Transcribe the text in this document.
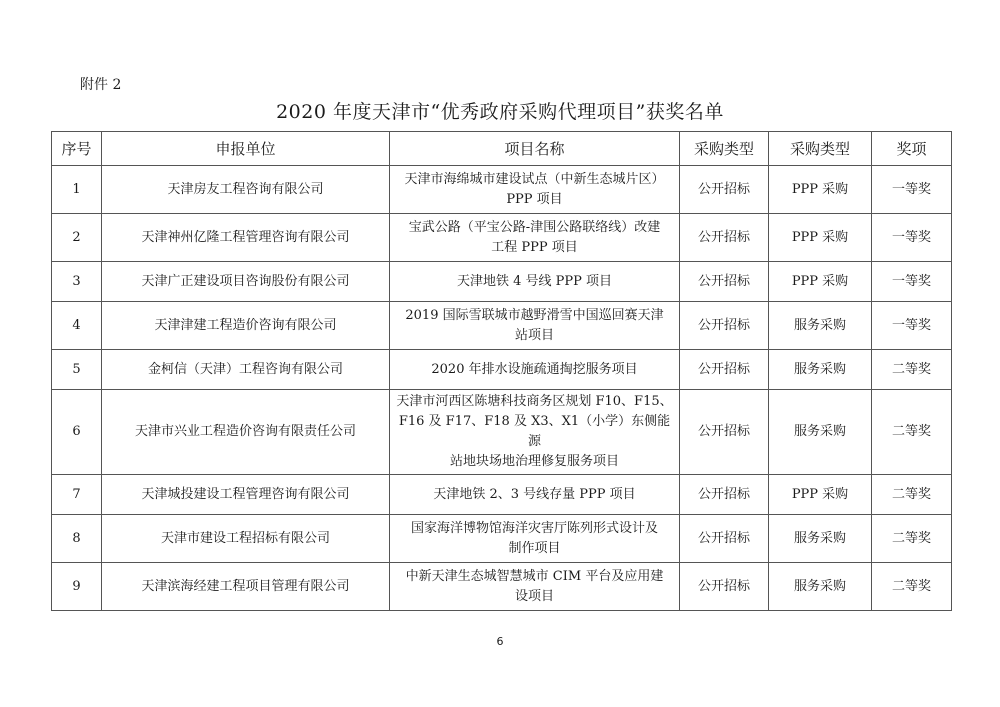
附件 2
2020 年度天津市“优秀政府采购代理项目”获奖名单
序号	申报单位	项目名称	采购类型	采购类型	奖项
1	天津房友工程咨询有限公司	天津市海绵城市建设试点（中新生态城片区）
PPP 项目	公开招标	PPP 采购	一等奖
2	天津神州亿隆工程管理咨询有限公司	宝武公路（平宝公路-津围公路联络线）改建
工程 PPP 项目	公开招标	PPP 采购	一等奖
3	天津广正建设项目咨询股份有限公司	天津地铁 4 号线 PPP 项目	公开招标	PPP 采购	一等奖
4	天津津建工程造价咨询有限公司	2019 国际雪联城市越野滑雪中国巡回赛天津
站项目	公开招标	服务采购	一等奖
5	金柯信（天津）工程咨询有限公司	2020 年排水设施疏通掏挖服务项目	公开招标	服务采购	二等奖
6	天津市兴业工程造价咨询有限责任公司	天津市河西区陈塘科技商务区规划 F10、F15、
F16 及 F17、F18 及 X3、X1（小学）东侧能源
站地块场地治理修复服务项目	公开招标	服务采购	二等奖
7	天津城投建设工程管理咨询有限公司	天津地铁 2、3 号线存量 PPP 项目	公开招标	PPP 采购	二等奖
8	天津市建设工程招标有限公司	国家海洋博物馆海洋灾害厅陈列形式设计及
制作项目	公开招标	服务采购	二等奖
9	天津滨海经建工程项目管理有限公司	中新天津生态城智慧城市 CIM 平台及应用建
设项目	公开招标	服务采购	二等奖
6
